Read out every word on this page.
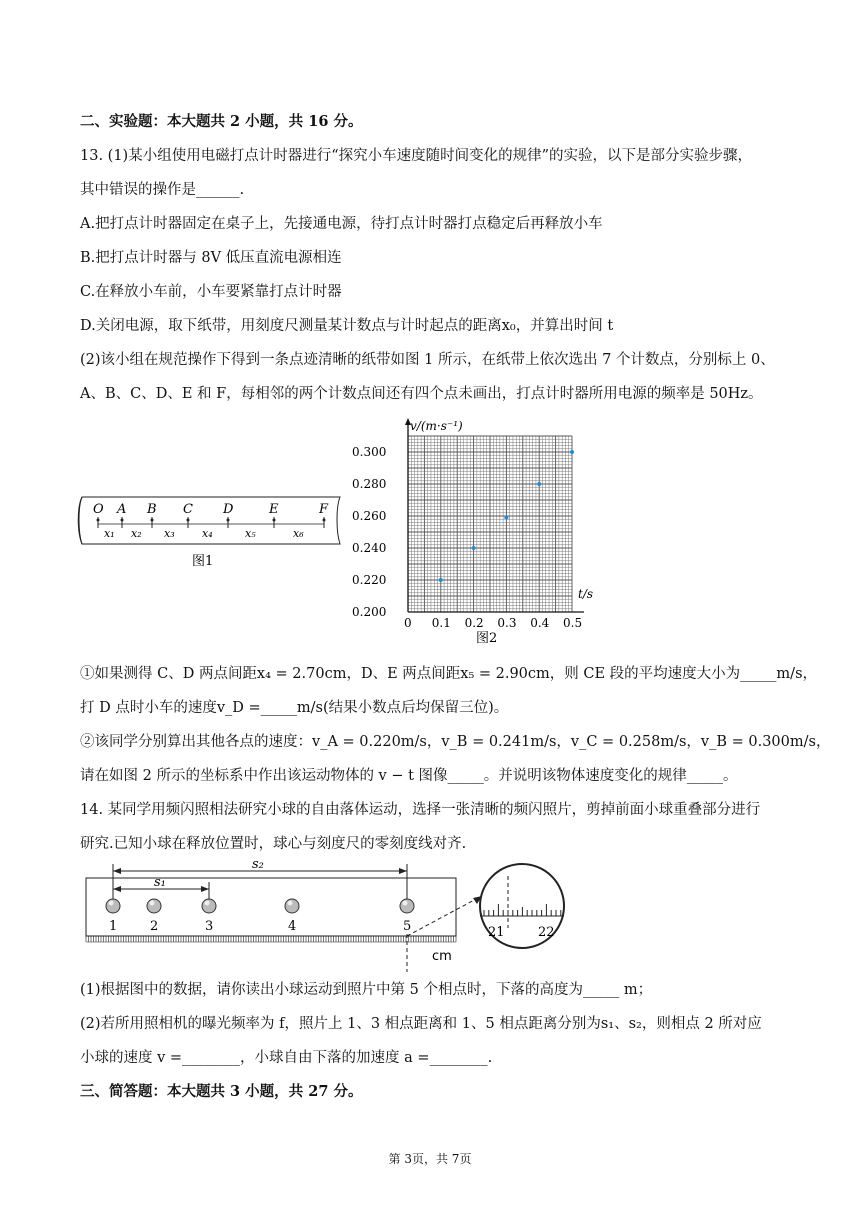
二、实验题：本大题共 2 小题，共 16 分。
13. (1)某小组使用电磁打点计时器进行“探究小车速度随时间变化的规律”的实验，以下是部分实验步骤，
其中错误的操作是______.
A.把打点计时器固定在桌子上，先接通电源，待打点计时器打点稳定后再释放小车
B.把打点计时器与 8V 低压直流电源相连
C.在释放小车前，小车要紧靠打点计时器
D.关闭电源，取下纸带，用刻度尺测量某计数点与计时起点的距离x₀，并算出时间 t
(2)该小组在规范操作下得到一条点迹清晰的纸带如图 1 所示，在纸带上依次选出 7 个计数点，分别标上 0、
A、B、C、D、E 和 F，每相邻的两个计数点间还有四个点未画出，打点计时器所用电源的频率是 50Hz。
O A B C D	E	F
x₁ x₂ x₃ x₄	x₅	x₆
图1
0 0.1 0.2 0.3 0.4 0.5
0.200
0.220
0.240
0.260
0.280
0.300
v/(m·s⁻¹)
t/s
图2
①如果测得 C、D 两点间距x₄ = 2.70cm，D、E 两点间距x₅ = 2.90cm，则 CE 段的平均速度大小为_____m/s，
打 D 点时小车的速度v_D =_____m/s(结果小数点后均保留三位)。
②该同学分别算出其他各点的速度：v_A = 0.220m/s，v_B = 0.241m/s，v_C = 0.258m/s，v_B = 0.300m/s，
请在如图 2 所示的坐标系中作出该运动物体的 v − t 图像_____。并说明该物体速度变化的规律_____。
14. 某同学用频闪照相法研究小球的自由落体运动，选择一张清晰的频闪照片，剪掉前面小球重叠部分进行
研究.已知小球在释放位置时，球心与刻度尺的零刻度线对齐.
s₂
s₁
1	2	3	4	5
cm
21	22
(1)根据图中的数据，请你读出小球运动到照片中第 5 个相点时，下落的高度为_____ m；
(2)若所用照相机的曝光频率为 f，照片上 1、3 相点距离和 1、5 相点距离分别为s₁、s₂，则相点 2 所对应
小球的速度 v =________，小球自由下落的加速度 a =________.
三、简答题：本大题共 3 小题，共 27 分。
第 3页，共 7页
